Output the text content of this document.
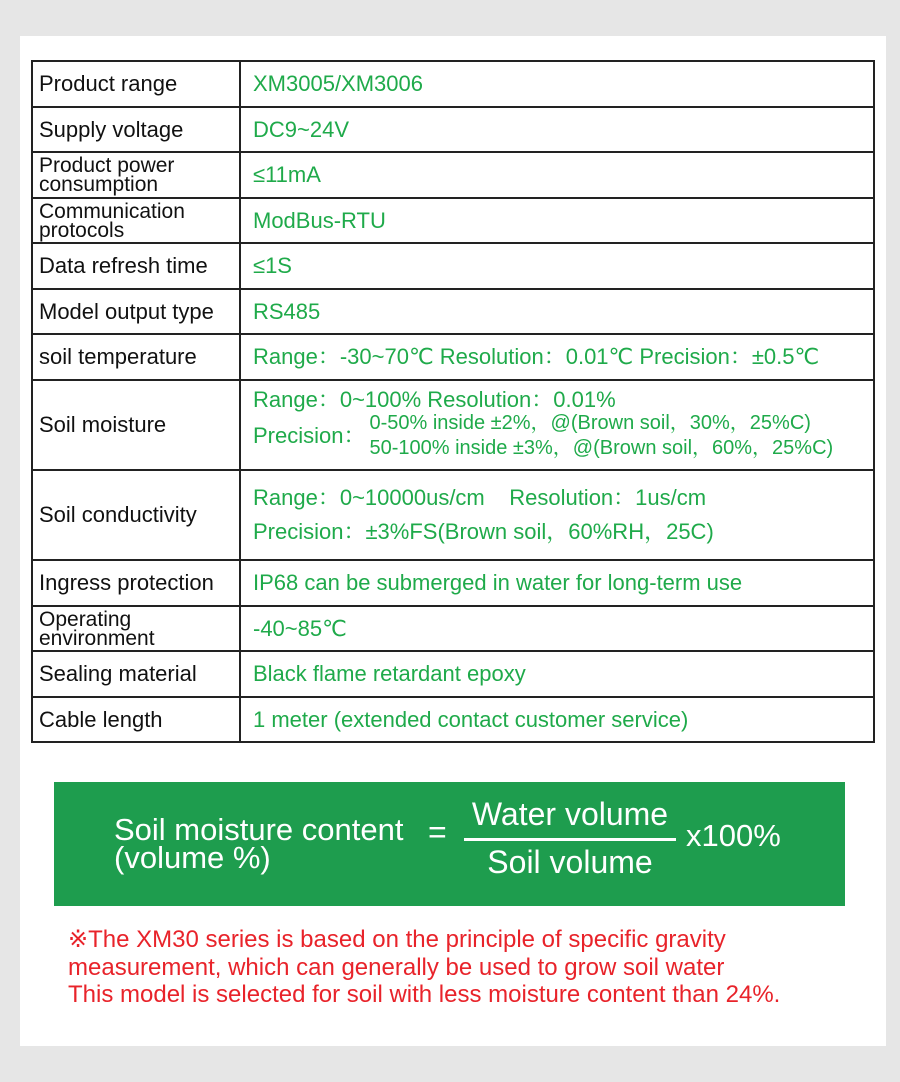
Product range	XM3005/XM3006
Supply voltage	DC9~24V
Product power consumption	≤11mA
Communication protocols	ModBus-RTU
Data refresh time	≤1S
Model output type	RS485
soil temperature	Range：-30~70℃ Resolution：0.01℃ Precision：±0.5℃
Soil moisture	Range：0~100% Resolution：0.01%
Precision： 0-50% inside ±2%，@(Brown soil，30%，25%C)
50-100% inside ±3%，@(Brown soil，60%，25%C)

Soil conductivity	Range：0~10000us/cm    Resolution：1us/cm
Precision：±3%FS(Brown soil，60%RH，25C)

Ingress protection	IP68 can be submerged in water for long-term use
Operating environment	-40~85℃
Sealing material	Black flame retardant epoxy
Cable length	1 meter (extended contact customer service)
Soil moisture content
(volume %)
= Water volume
Soil volume
x100%
※The XM30 series is based on the principle of specific gravity
measurement, which can generally be used to grow soil water
This model is selected for soil with less moisture content than 24%.
